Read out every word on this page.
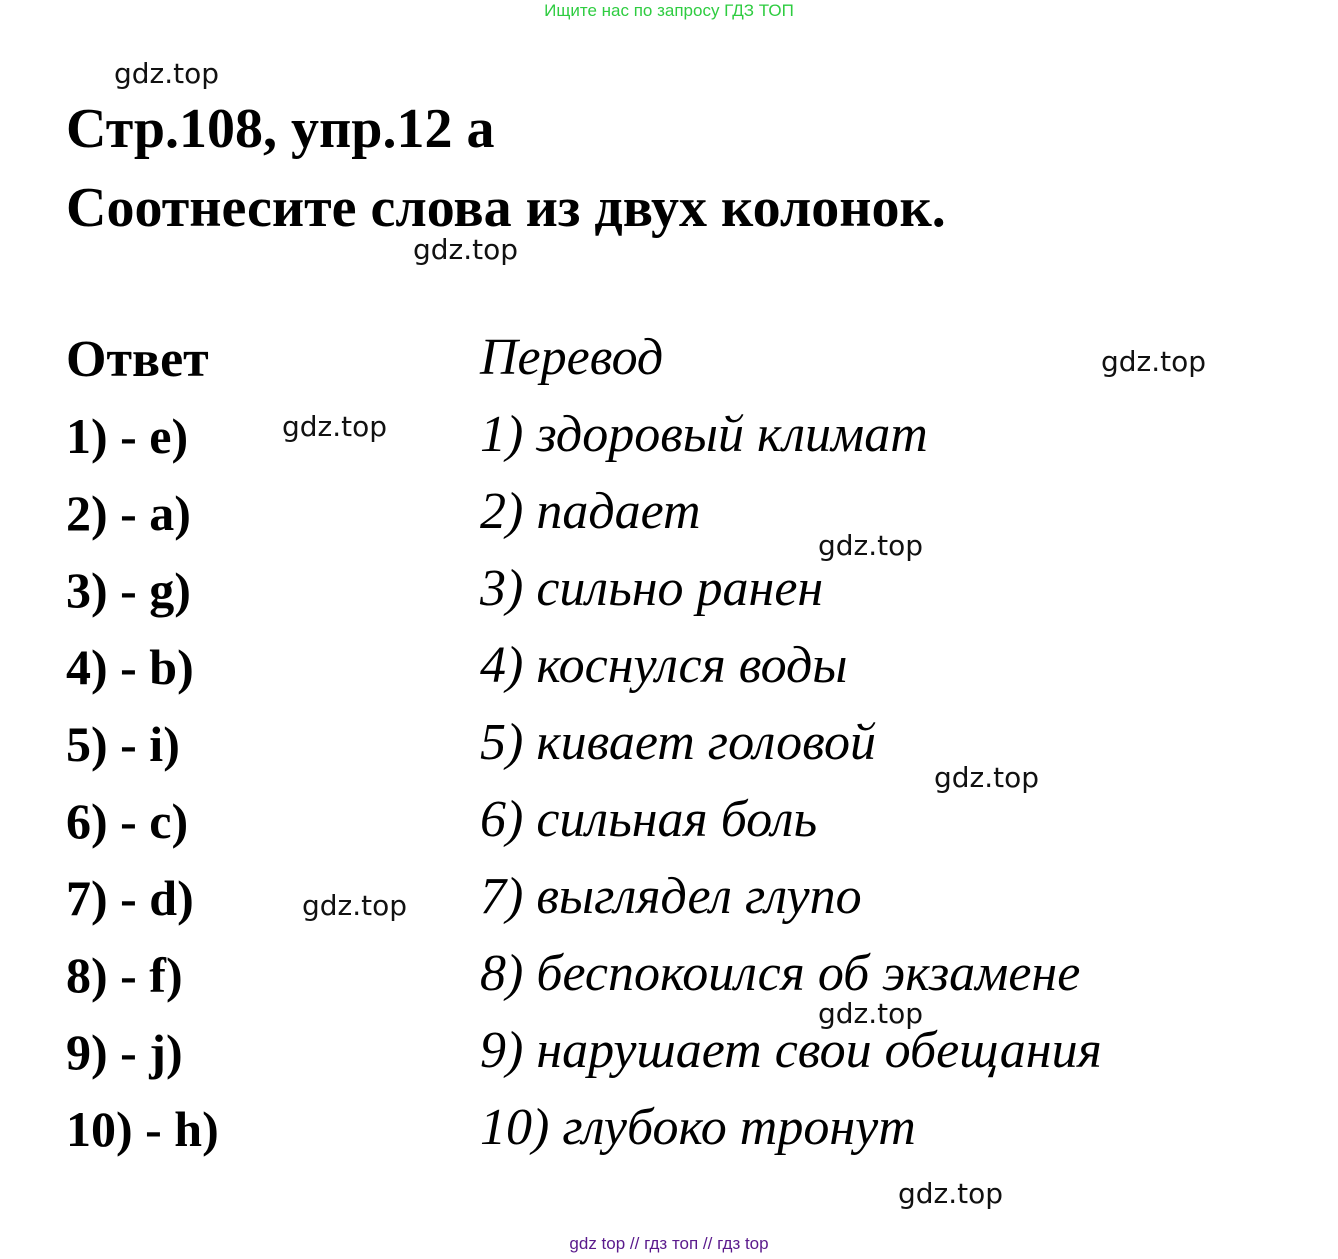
Ищите нас по запросу ГДЗ ТОП
Стр.108, упр.12 а
Соотнесите слова из двух колонок.
Ответ	Перевод
1) - e)	1) здоровый климат
2) - a)	2) падает
3) - g)	3) сильно ранен
4) - b)	4) коснулся воды
5) - i)	5) кивает головой
6) - c)	6) сильная боль
7) - d)	7) выглядел глупо
8) - f)	8) беспокоился об экзамене
9) - j)	9) нарушает свои обещания
10) - h)	10) глубоко тронут
gdz.top
gdz.top
gdz.top
gdz.top
gdz.top
gdz.top
gdz.top
gdz.top
gdz.top
gdz top // гдз топ // гдз top
